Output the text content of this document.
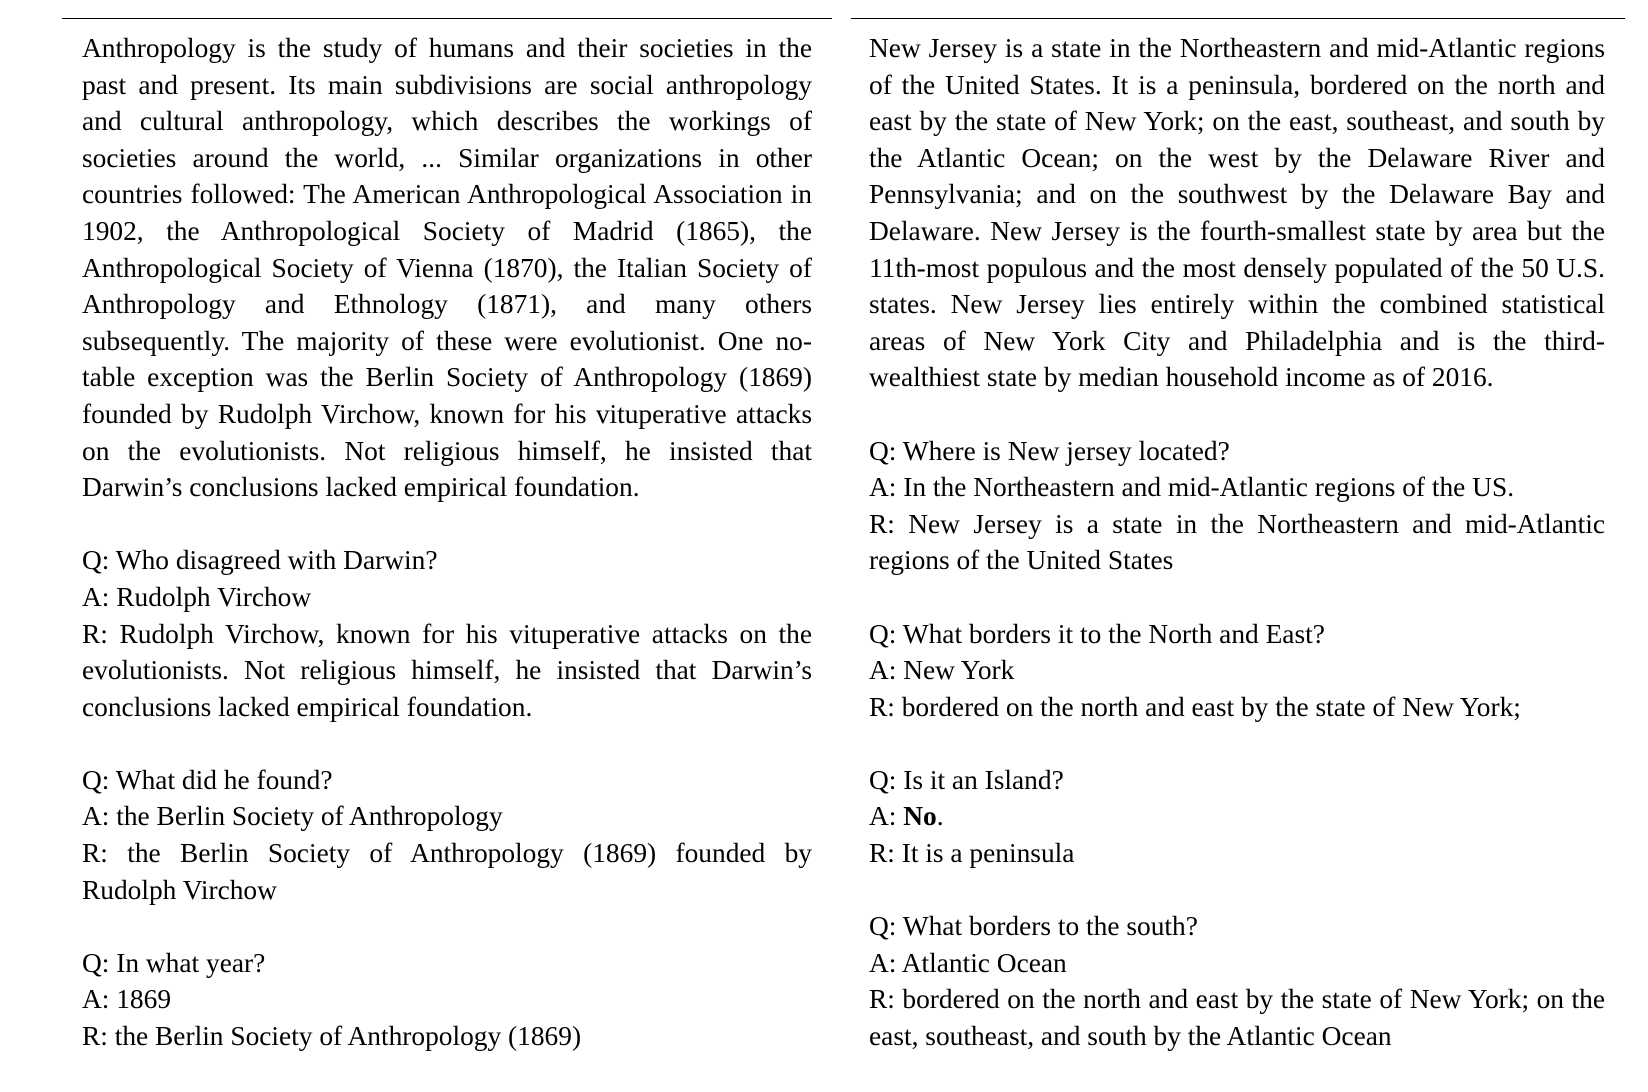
Anthropology is the study of humans and their societies in the past and present. Its main subdivisions are social anthropology and cultural anthropology, which describes the workings of societies around the world, ... Similar organizations in other countries followed: The American Anthropological Association in 1902, the Anthropological Society of Madrid (1865), the Anthropological Society of Vienna (1870), the Italian Society of Anthropology and Ethnology (1871), and many others subsequently. The majority of these were evolutionist. One notable exception was the Berlin Society of Anthropology (1869) founded by Rudolph Virchow, known for his vituperative attacks on the evolutionists. Not religious himself, he insisted that Darwin’s conclusions lacked empirical foundation.

Q: Who disagreed with Darwin?
A: Rudolph Virchow
R: Rudolph Virchow, known for his vituperative attacks on the evolutionists. Not religious himself, he insisted that Darwin’s conclusions lacked empirical foundation.
Q: What did he found?
A: the Berlin Society of Anthropology
R: the Berlin Society of Anthropology (1869) founded by Rudolph Virchow
Q: In what year?
A: 1869
R: the Berlin Society of Anthropology (1869)

New Jersey is a state in the Northeastern and mid-Atlantic regions of the United States. It is a peninsula, bordered on the north and east by the state of New York; on the east, southeast, and south by the Atlantic Ocean; on the west by the Delaware River and Pennsylvania; and on the southwest by the Delaware Bay and Delaware. New Jersey is the fourth-smallest state by area but the 11th-most populous and the most densely populated of the 50 U.S. states. New Jersey lies entirely within the combined statistical areas of New York City and Philadelphia and is the third-wealthiest state by median household income as of 2016.

Q: Where is New jersey located?
A: In the Northeastern and mid-Atlantic regions of the US.
R: New Jersey is a state in the Northeastern and mid-Atlantic regions of the United States
Q: What borders it to the North and East?
A: New York
R: bordered on the north and east by the state of New York;
Q: Is it an Island?
A: No.
R: It is a peninsula
Q: What borders to the south?
A: Atlantic Ocean
R: bordered on the north and east by the state of New York; on the east, southeast, and south by the Atlantic Ocean
